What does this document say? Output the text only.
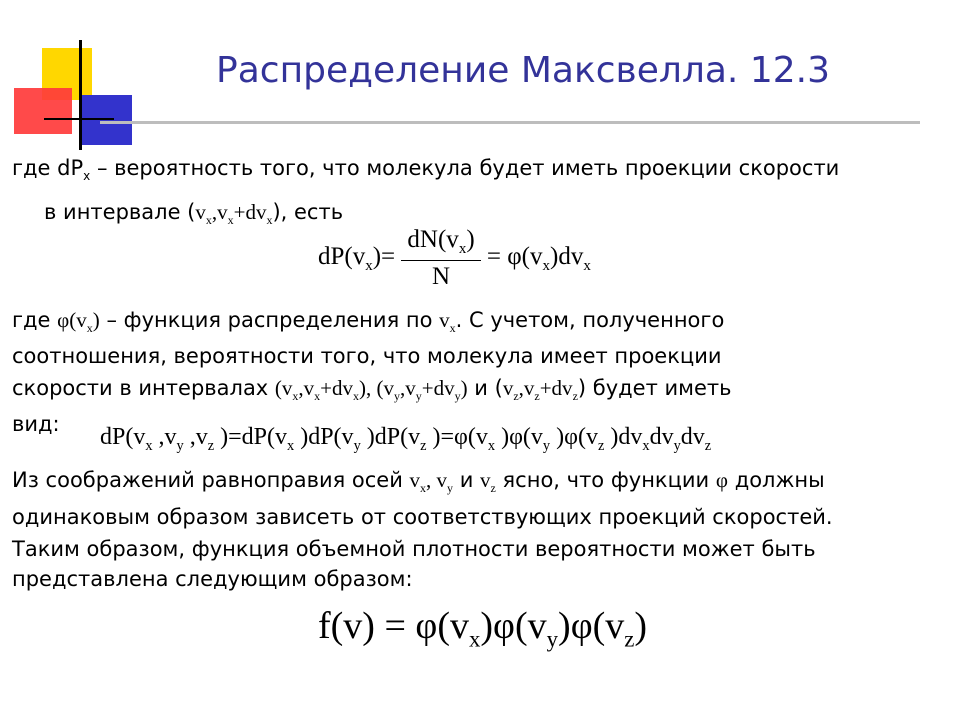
Распределение Максвелла. 12.3
где $dP_x$ – вероятность того, что молекула будет иметь проекции скорости
в интервале $(v_x,v_x+dv_x)$, есть
$dP(v_x)= \frac{dN(v_x)}{N} = \varphi(v_x)dv_x$
где $\varphi(v_x)$ – функция распределения по $v_x$. С учетом, полученного
соотношения, вероятности того, что молекула имеет проекции
скорости в интервалах $(v_x,v_x+dv_x)$, $(v_y,v_y+dv_y)$ и $(v_z,v_z+dv_z)$ будет иметь
вид: $dP(v_x$ $,v_y$ $,v_z$ )$=dP(v_x$ )$dP(v_y$ )$dP(v_z$ )$=\varphi(v_x$ )$\varphi(v_y$ )$\varphi(v_z$ )$dv_xdv_ydv_z$
Из соображений равноправия осей $v_x$, $v_y$ и $v_z$ ясно, что функции φ должны
одинаковым образом зависеть от соответствующих проекций скоростей.
Таким образом, функция объемной плотности вероятности может быть
представлена следующим образом:
$f(v) = \varphi(v_x)\varphi(v_y)\varphi(v_z)$
